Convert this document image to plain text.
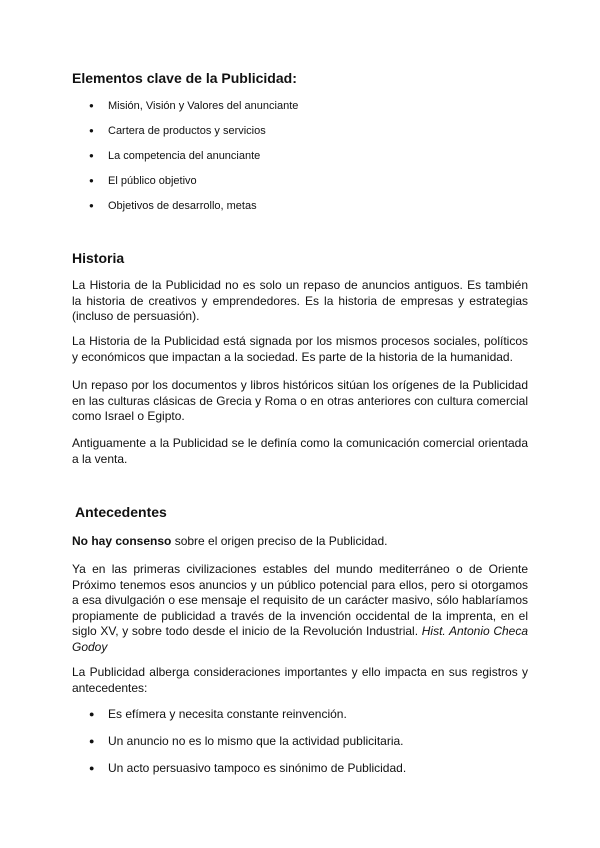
Elementos clave de la Publicidad:
● Misión, Visión y Valores del anunciante
● Cartera de productos y servicios
● La competencia del anunciante
● El público objetivo
● Objetivos de desarrollo, metas
Historia

La Historia de la Publicidad no es solo un repaso de anuncios antiguos. Es también la historia de creativos y emprendedores. Es la historia de empresas y estrategias (incluso de persuasión).

La Historia de la Publicidad está signada por los mismos procesos sociales, políticos y económicos que impactan a la sociedad. Es parte de la historia de la humanidad.

Un repaso por los documentos y libros históricos sitúan los orígenes de la Publicidad en las culturas clásicas de Grecia y Roma o en otras anteriores con cultura comercial como Israel o Egipto.

Antiguamente a la Publicidad se le definía como la comunicación comercial orientada a la venta.

Antecedentes

No hay consenso sobre el origen preciso de la Publicidad.

Ya en las primeras civilizaciones estables del mundo mediterráneo o de Oriente Próximo tenemos esos anuncios y un público potencial para ellos, pero si otorgamos a esa divulgación o ese mensaje el requisito de un carácter masivo, sólo hablaríamos propiamente de publicidad a través de la invención occidental de la imprenta, en el siglo XV, y sobre todo desde el inicio de la Revolución Industrial. Hist. Antonio Checa Godoy

La Publicidad alberga consideraciones importantes y ello impacta en sus registros y antecedentes:

● Es efímera y necesita constante reinvención.
● Un anuncio no es lo mismo que la actividad publicitaria.
● Un acto persuasivo tampoco es sinónimo de Publicidad.
